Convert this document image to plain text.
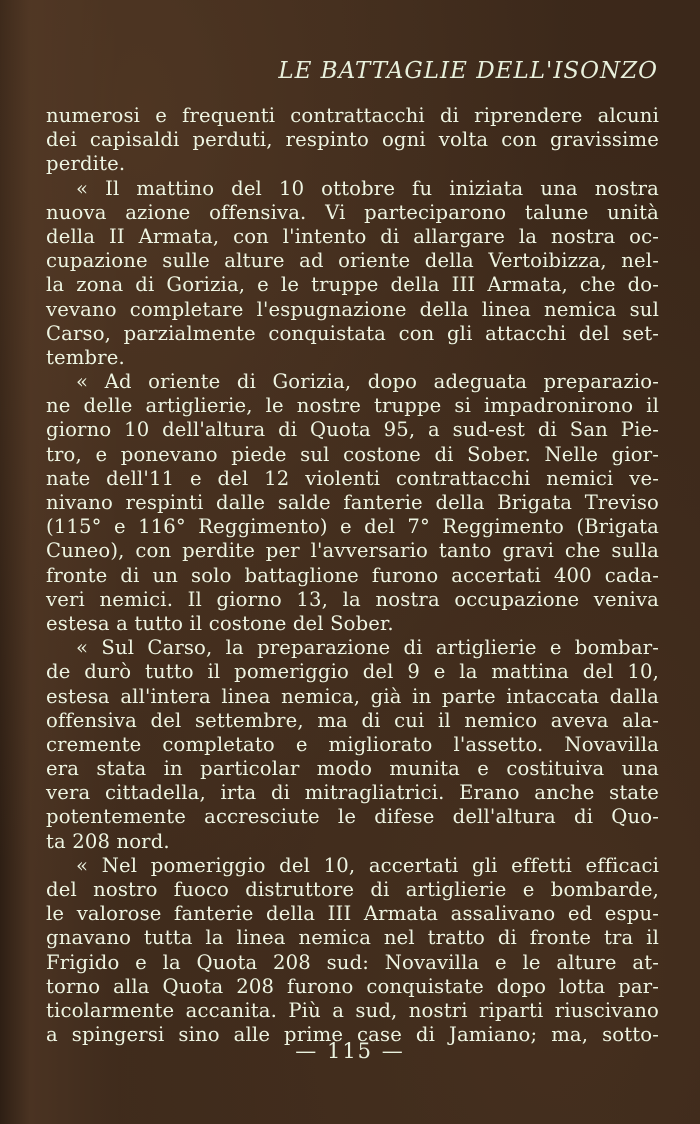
LE BATTAGLIE DELL'ISONZO
numerosi e frequenti contrattacchi di riprendere alcuni
dei capisaldi perduti, respinto ogni volta con gravissime
perdite.
« Il mattino del 10 ottobre fu iniziata una nostra
nuova azione offensiva. Vi parteciparono talune unità
della II Armata, con l'intento di allargare la nostra oc-
cupazione sulle alture ad oriente della Vertoibizza, nel-
la zona di Gorizia, e le truppe della III Armata, che do-
vevano completare l'espugnazione della linea nemica sul
Carso, parzialmente conquistata con gli attacchi del set-
tembre.
« Ad oriente di Gorizia, dopo adeguata preparazio-
ne delle artiglierie, le nostre truppe si impadronirono il
giorno 10 dell'altura di Quota 95, a sud-est di San Pie-
tro, e ponevano piede sul costone di Sober. Nelle gior-
nate dell'11 e del 12 violenti contrattacchi nemici ve-
nivano respinti dalle salde fanterie della Brigata Treviso
(115° e 116° Reggimento) e del 7° Reggimento (Brigata
Cuneo), con perdite per l'avversario tanto gravi che sulla
fronte di un solo battaglione furono accertati 400 cada-
veri nemici. Il giorno 13, la nostra occupazione veniva
estesa a tutto il costone del Sober.
« Sul Carso, la preparazione di artiglierie e bombar-
de durò tutto il pomeriggio del 9 e la mattina del 10,
estesa all'intera linea nemica, già in parte intaccata dalla
offensiva del settembre, ma di cui il nemico aveva ala-
cremente completato e migliorato l'assetto. Novavilla
era stata in particolar modo munita e costituiva una
vera cittadella, irta di mitragliatrici. Erano anche state
potentemente accresciute le difese dell'altura di Quo-
ta 208 nord.
« Nel pomeriggio del 10, accertati gli effetti efficaci
del nostro fuoco distruttore di artiglierie e bombarde,
le valorose fanterie della III Armata assalivano ed espu-
gnavano tutta la linea nemica nel tratto di fronte tra il
Frigido e la Quota 208 sud: Novavilla e le alture at-
torno alla Quota 208 furono conquistate dopo lotta par-
ticolarmente accanita. Più a sud, nostri riparti riuscivano
a spingersi sino alle prime case di Jamiano; ma, sotto-
— 115 —
